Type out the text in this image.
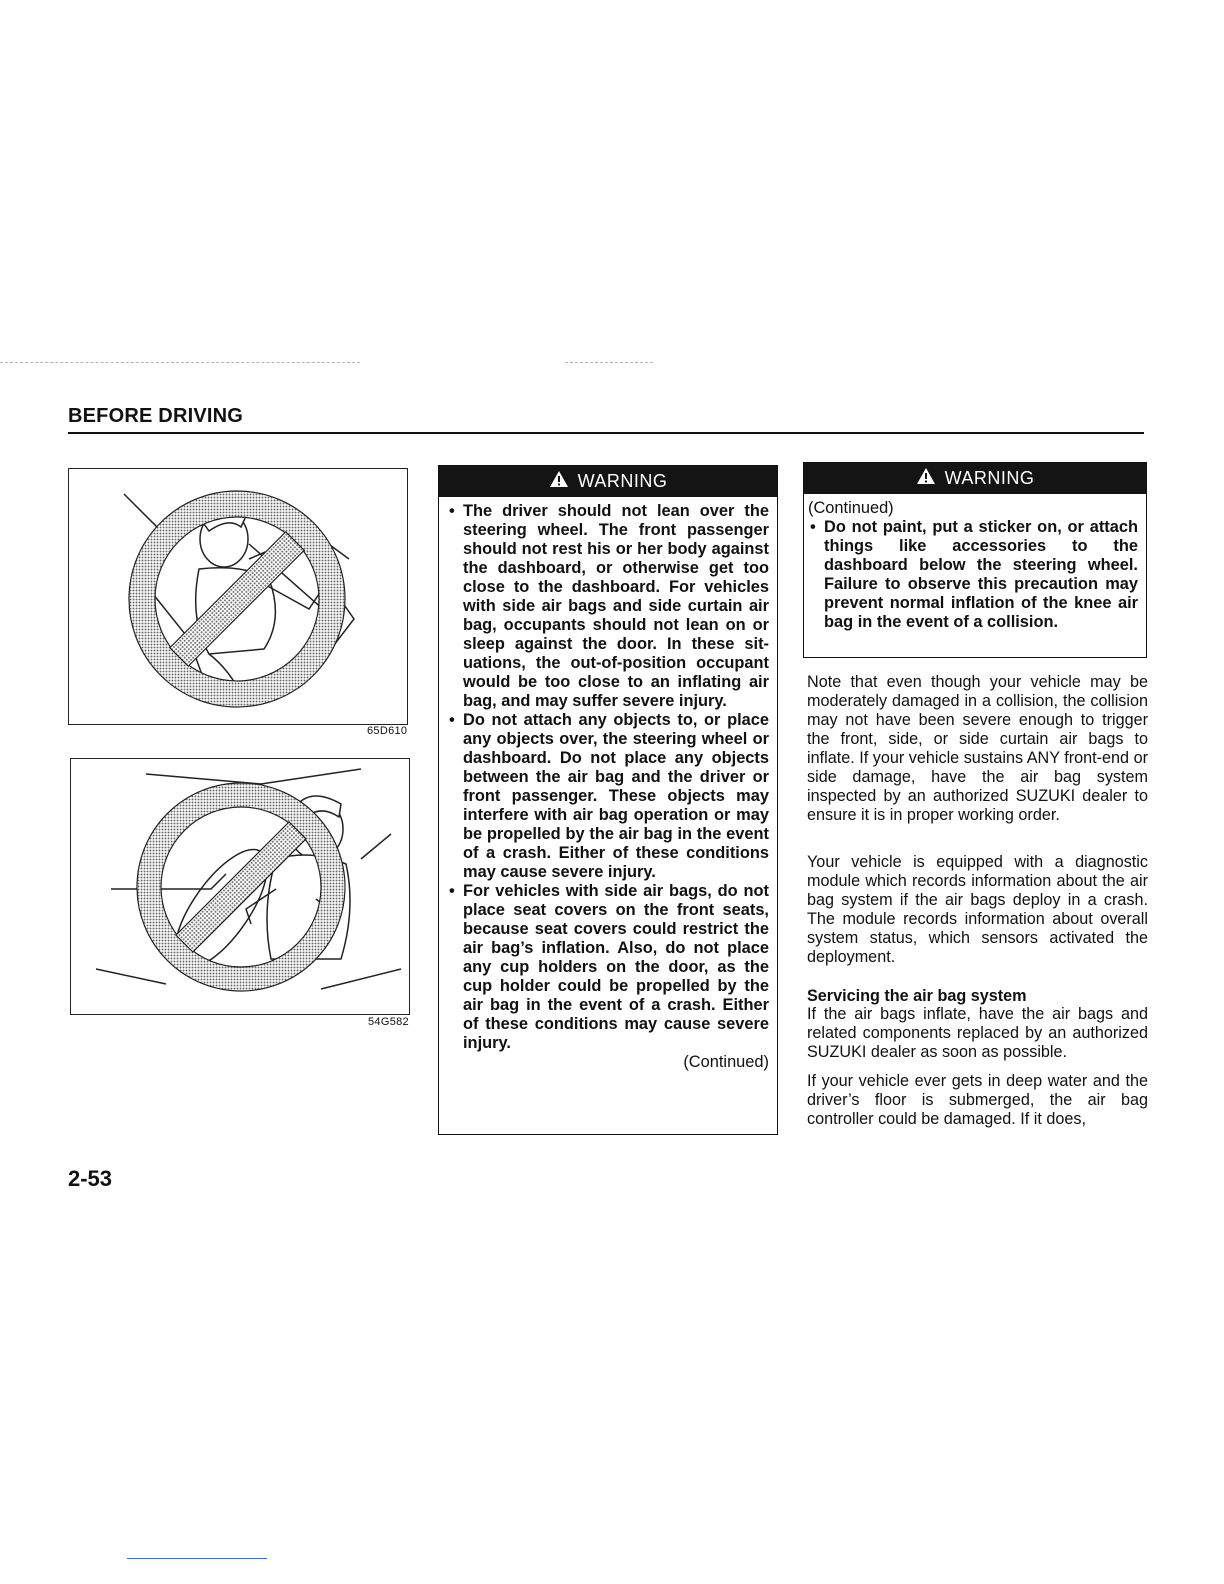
BEFORE DRIVING
65D610
54G582
WARNING
• The driver should not lean over the steering wheel. The front passenger should not rest his or her body against the dashboard, or otherwise get too close to the dashboard. For vehicles with side air bags and side curtain air bag, occupants should not lean on or sleep against the door. In these situations, the out-of-position occupant would be too close to an inflating air bag, and may suffer severe injury.
• Do not attach any objects to, or place any objects over, the steering wheel or dashboard. Do not place any objects between the air bag and the driver or front passenger. These objects may interfere with air bag operation or may be propelled by the air bag in the event of a crash. Either of these conditions may cause severe injury.
• For vehicles with side air bags, do not place seat covers on the front seats, because seat covers could restrict the air bag’s inflation. Also, do not place any cup holders on the door, as the cup holder could be propelled by the air bag in the event of a crash. Either of these conditions may cause severe injury.
(Continued)
WARNING
(Continued)
• Do not paint, put a sticker on, or attach things like accessories to the dashboard below the steering wheel. Failure to observe this precaution may prevent normal inflation of the knee air bag in the event of a collision.

Note that even though your vehicle may be moderately damaged in a collision, the collision may not have been severe enough to trigger the front, side, or side curtain air bags to inflate. If your vehicle sustains ANY front-end or side damage, have the air bag system inspected by an authorized SUZUKI dealer to ensure it is in proper working order.

Your vehicle is equipped with a diagnostic module which records information about the air bag system if the air bags deploy in a crash. The module records information about overall system status, which sensors activated the deployment.

Servicing the air bag system

If the air bags inflate, have the air bags and related components replaced by an authorized SUZUKI dealer as soon as possible.

If your vehicle ever gets in deep water and the driver’s floor is submerged, the air bag controller could be damaged. If it does,

2-53
